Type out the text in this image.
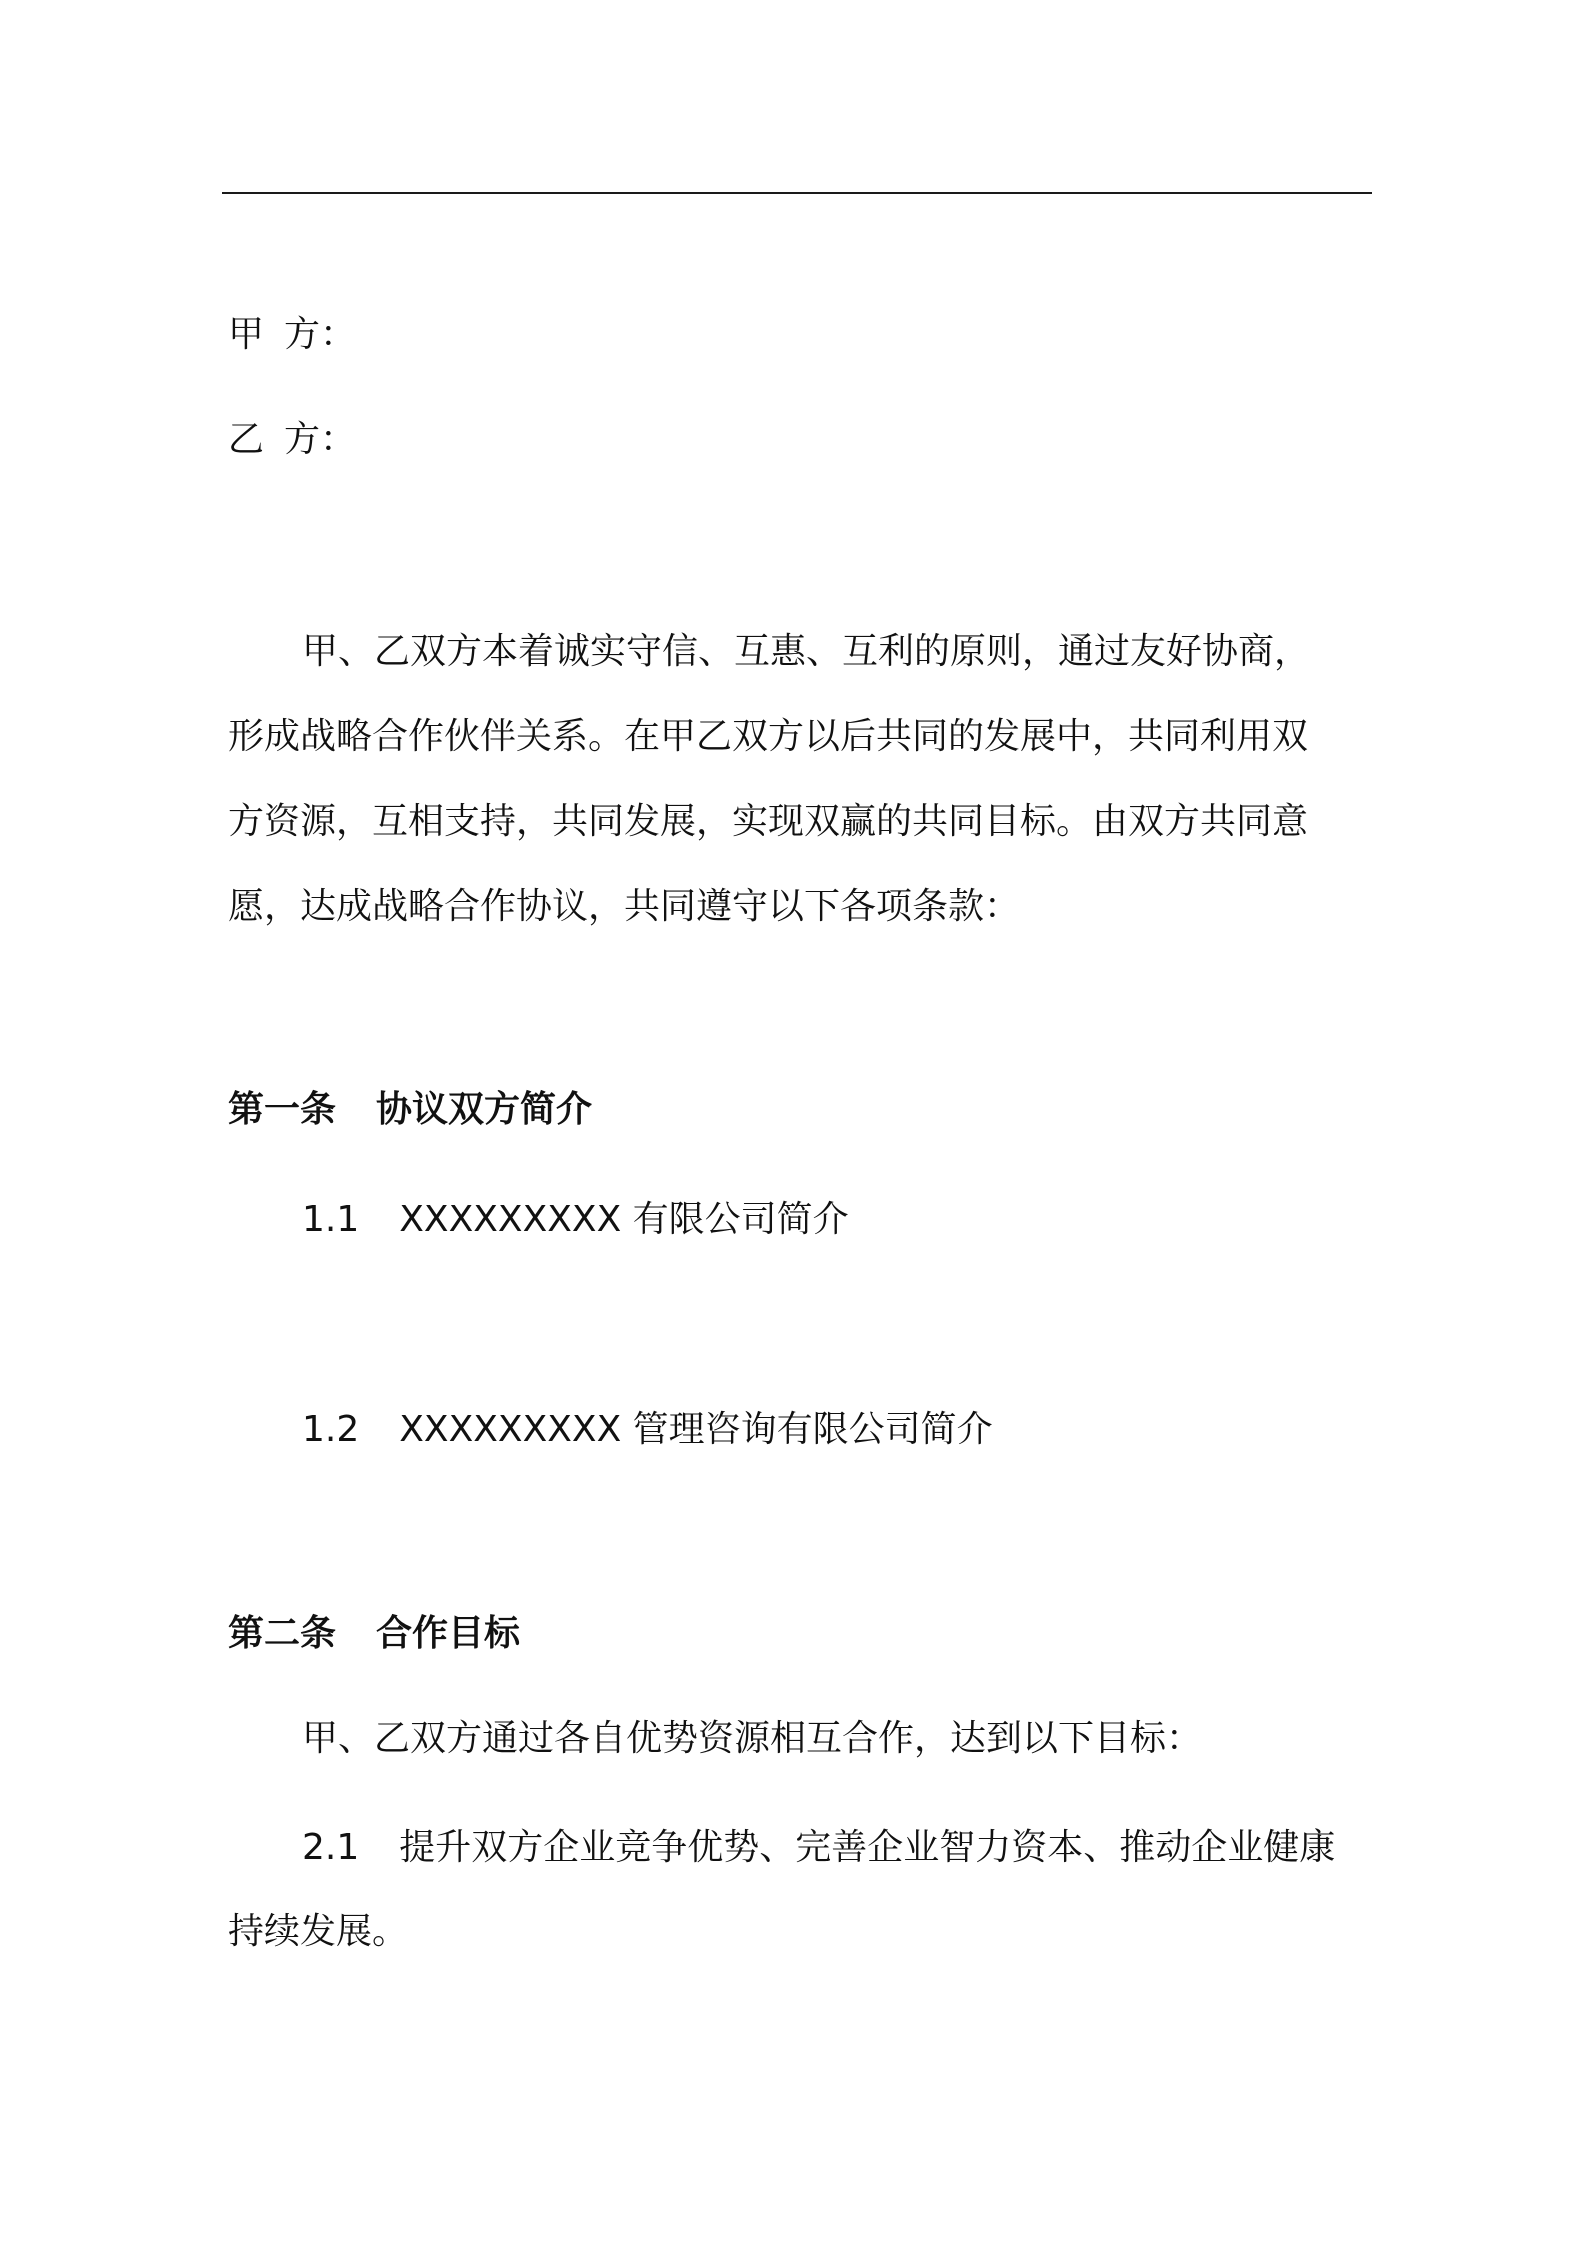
甲 方：
乙 方：
甲、乙双方本着诚实守信、互惠、互利的原则，通过友好协商，
形成战略合作伙伴关系。在甲乙双方以后共同的发展中，共同利用双
方资源，互相支持，共同发展，实现双赢的共同目标。由双方共同意
愿，达成战略合作协议，共同遵守以下各项条款：
第一条 协议双方简介
1.1 XXXXXXXXX 有限公司简介
1.2 XXXXXXXXX 管理咨询有限公司简介
第二条 合作目标
甲、乙双方通过各自优势资源相互合作，达到以下目标：
2.1 提升双方企业竞争优势、完善企业智力资本、推动企业健康
持续发展。
